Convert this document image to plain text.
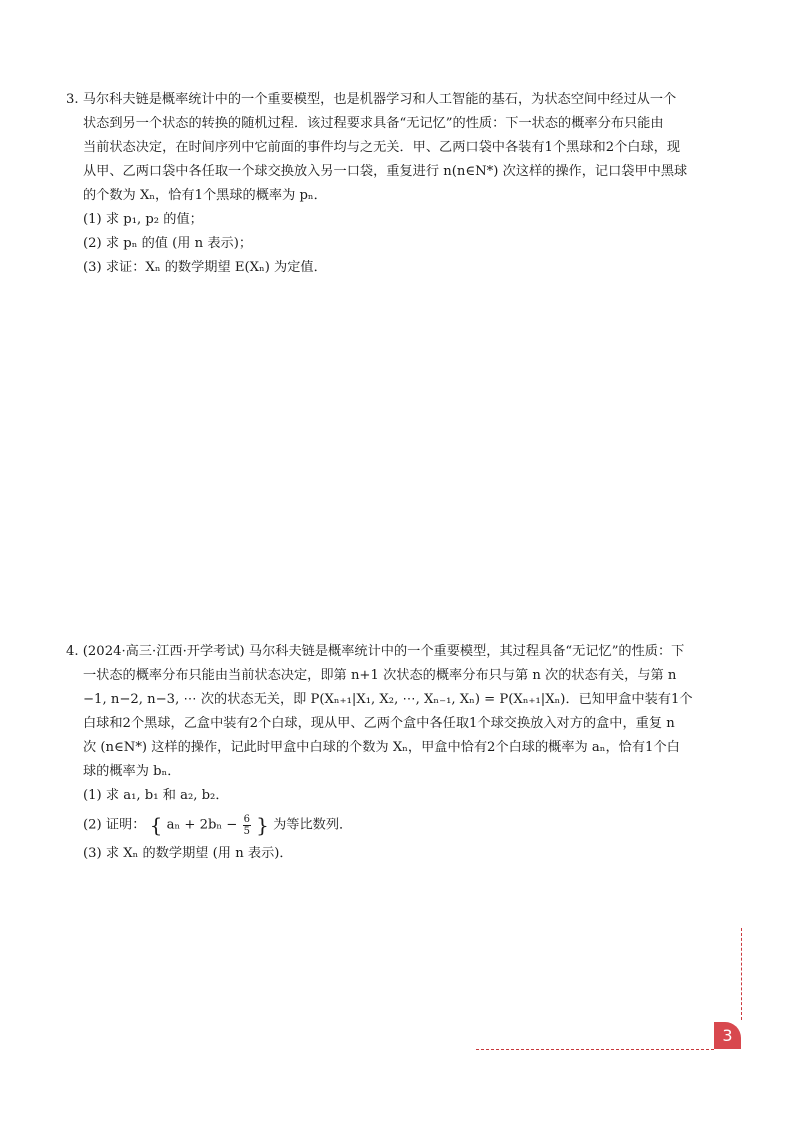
3. 马尔科夫链是概率统计中的一个重要模型，也是机器学习和人工智能的基石，为状态空间中经过从一个
状态到另一个状态的转换的随机过程．该过程要求具备“无记忆”的性质：下一状态的概率分布只能由
当前状态决定，在时间序列中它前面的事件均与之无关．甲、乙两口袋中各装有1个黑球和2个白球，现
从甲、乙两口袋中各任取一个球交换放入另一口袋，重复进行 n(n∈N*) 次这样的操作，记口袋甲中黑球
的个数为 Xₙ，恰有1个黑球的概率为 pₙ．
(1) 求 p₁, p₂ 的值；
(2) 求 pₙ 的值 (用 n 表示)；
(3) 求证：Xₙ 的数学期望 E(Xₙ) 为定值．
4. (2024·高三·江西·开学考试) 马尔科夫链是概率统计中的一个重要模型，其过程具备“无记忆”的性质：下
一状态的概率分布只能由当前状态决定，即第 n+1 次状态的概率分布只与第 n 次的状态有关，与第 n
−1, n−2, n−3, ⋯ 次的状态无关，即 P(Xₙ₊₁|X₁, X₂, ⋯, Xₙ₋₁, Xₙ) = P(Xₙ₊₁|Xₙ)．已知甲盒中装有1个
白球和2个黑球，乙盒中装有2个白球，现从甲、乙两个盒中各任取1个球交换放入对方的盒中，重复 n
次 (n∈N*) 这样的操作，记此时甲盒中白球的个数为 Xₙ，甲盒中恰有2个白球的概率为 aₙ，恰有1个白
球的概率为 bₙ．
(1) 求 a₁, b₁ 和 a₂, b₂．
(2) 证明： { $a_n + 2b_n - \frac{6}{5}$ } 为等比数列．
(3) 求 Xₙ 的数学期望 (用 n 表示)．
3
